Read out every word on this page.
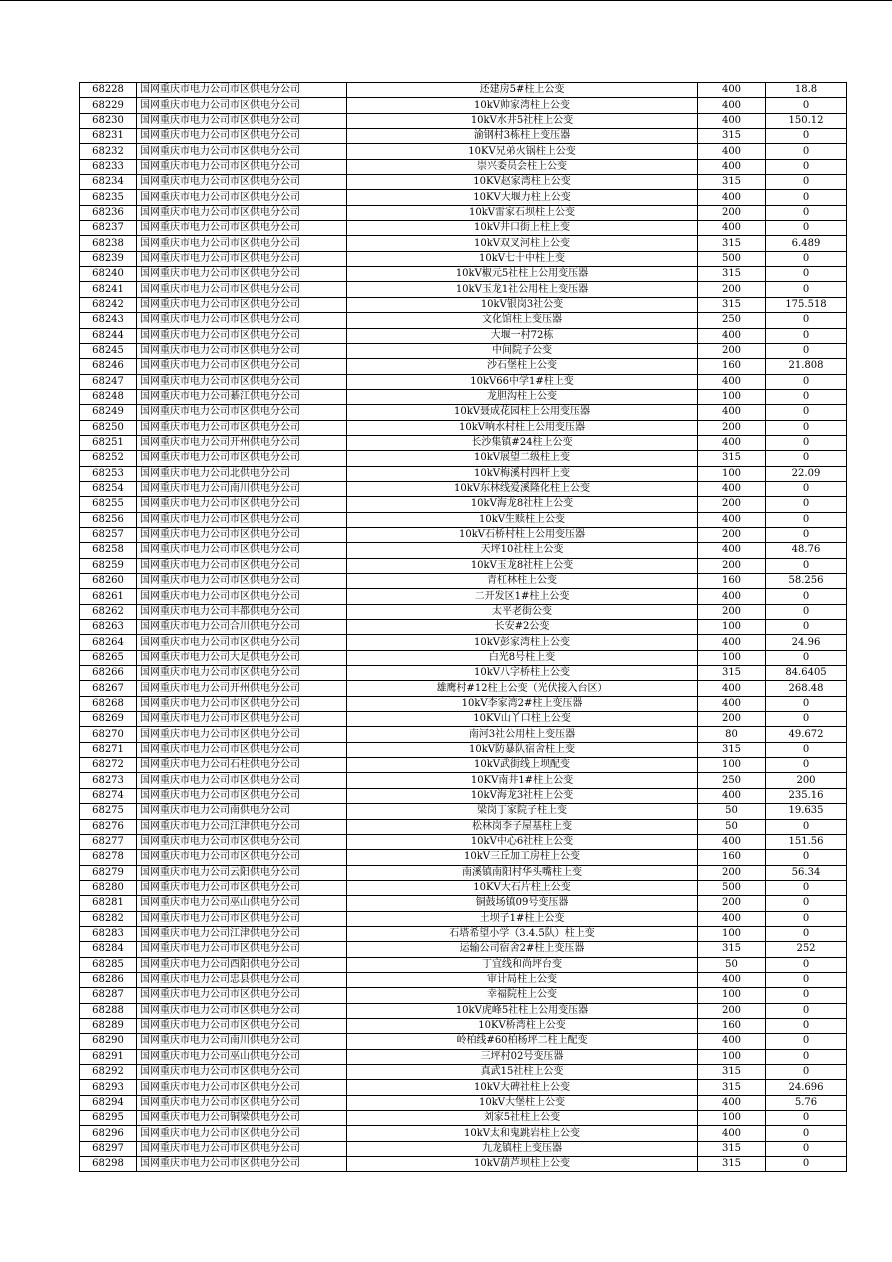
68228	国网重庆市电力公司市区供电分公司	还建房5#柱上公变	400	18.8
68229	国网重庆市电力公司市区供电分公司	10kV帅家湾柱上公变	400	0
68230	国网重庆市电力公司市区供电分公司	10kV水井5社柱上公变	400	150.12
68231	国网重庆市电力公司市区供电分公司	渝钢村3栋柱上变压器	315	0
68232	国网重庆市电力公司市区供电分公司	10KV兄弟火锅柱上公变	400	0
68233	国网重庆市电力公司市区供电分公司	崇兴委员会柱上公变	400	0
68234	国网重庆市电力公司市区供电分公司	10KV赵家湾柱上公变	315	0
68235	国网重庆市电力公司市区供电分公司	10KV大堰力柱上公变	400	0
68236	国网重庆市电力公司市区供电分公司	10kV雷家石坝柱上公变	200	0
68237	国网重庆市电力公司市区供电分公司	10kV井口街上柱上变	400	0
68238	国网重庆市电力公司市区供电分公司	10kV双叉河柱上公变	315	6.489
68239	国网重庆市电力公司市区供电分公司	10kV七十中柱上变	500	0
68240	国网重庆市电力公司市区供电分公司	10kV椒元5社柱上公用变压器	315	0
68241	国网重庆市电力公司市区供电分公司	10kV玉龙1社公用柱上变压器	200	0
68242	国网重庆市电力公司市区供电分公司	10kV银岗3社公变	315	175.518
68243	国网重庆市电力公司市区供电分公司	文化馆柱上变压器	250	0
68244	国网重庆市电力公司市区供电分公司	大堰一村72栋	400	0
68245	国网重庆市电力公司市区供电分公司	中间院子公变	200	0
68246	国网重庆市电力公司市区供电分公司	沙石堡柱上公变	160	21.808
68247	国网重庆市电力公司市区供电分公司	10kV66中学1#柱上变	400	0
68248	国网重庆市电力公司綦江供电分公司	龙胆沟柱上公变	100	0
68249	国网重庆市电力公司市区供电分公司	10kV聂成花园柱上公用变压器	400	0
68250	国网重庆市电力公司市区供电分公司	10kV响水村柱上公用变压器	200	0
68251	国网重庆市电力公司开州供电分公司	长沙集镇#24柱上公变	400	0
68252	国网重庆市电力公司市区供电分公司	10kV展望二级柱上变	315	0
68253	国网重庆市电力公司北供电分公司	10kV梅溪村四杆上变	100	22.09
68254	国网重庆市电力公司南川供电分公司	10kV东林线爱溪隆化柱上公变	400	0
68255	国网重庆市电力公司市区供电分公司	10kV海龙8社柱上公变	200	0
68256	国网重庆市电力公司市区供电分公司	10kV生赎柱上公变	400	0
68257	国网重庆市电力公司市区供电分公司	10kV石桥村柱上公用变压器	200	0
68258	国网重庆市电力公司市区供电分公司	天坪10社柱上公变	400	48.76
68259	国网重庆市电力公司市区供电分公司	10kV玉龙8社柱上公变	200	0
68260	国网重庆市电力公司市区供电分公司	青杠林柱上公变	160	58.256
68261	国网重庆市电力公司市区供电分公司	二开发区1#柱上公变	400	0
68262	国网重庆市电力公司丰都供电分公司	太平老街公变	200	0
68263	国网重庆市电力公司合川供电分公司	长安#2公变	100	0
68264	国网重庆市电力公司市区供电分公司	10kV彭家湾柱上公变	400	24.96
68265	国网重庆市电力公司大足供电分公司	白光8号柱上变	100	0
68266	国网重庆市电力公司市区供电分公司	10kV八字桥柱上公变	315	84.6405
68267	国网重庆市电力公司开州供电分公司	雄鹰村#12柱上公变（光伏接入台区）	400	268.48
68268	国网重庆市电力公司市区供电分公司	10kV李家湾2#柱上变压器	400	0
68269	国网重庆市电力公司市区供电分公司	10KV山丫口柱上公变	200	0
68270	国网重庆市电力公司市区供电分公司	南河3社公用柱上变压器	80	49.672
68271	国网重庆市电力公司市区供电分公司	10kV防暴队宿舍柱上变	315	0
68272	国网重庆市电力公司石柱供电分公司	10kV武街线上坝配变	100	0
68273	国网重庆市电力公司市区供电分公司	10KV南井1#柱上公变	250	200
68274	国网重庆市电力公司市区供电分公司	10kV海龙3社柱上公变	400	235.16
68275	国网重庆市电力公司南供电分公司	梁岗丁家院子柱上变	50	19.635
68276	国网重庆市电力公司江津供电分公司	松林岗李子屋基柱上变	50	0
68277	国网重庆市电力公司市区供电分公司	10kV中心6社柱上公变	400	151.56
68278	国网重庆市电力公司市区供电分公司	10kV三丘加工房柱上公变	160	0
68279	国网重庆市电力公司云阳供电分公司	南溪镇南阳村华头嘴柱上变	200	56.34
68280	国网重庆市电力公司市区供电分公司	10KV大石片柱上公变	500	0
68281	国网重庆市电力公司巫山供电分公司	铜鼓场镇09号变压器	200	0
68282	国网重庆市电力公司市区供电分公司	土坝子1#柱上公变	400	0
68283	国网重庆市电力公司江津供电分公司	石塔希望小学（3.4.5队）柱上变	100	0
68284	国网重庆市电力公司市区供电分公司	运输公司宿舍2#柱上变压器	315	252
68285	国网重庆市电力公司酉阳供电分公司	丁宜线和尚坪台变	50	0
68286	国网重庆市电力公司忠县供电分公司	审计局柱上公变	400	0
68287	国网重庆市电力公司市区供电分公司	幸福院柱上公变	100	0
68288	国网重庆市电力公司市区供电分公司	10kV虎峰5社柱上公用变压器	200	0
68289	国网重庆市电力公司市区供电分公司	10KV桥湾柱上公变	160	0
68290	国网重庆市电力公司南川供电分公司	岭柏线#60柏杨坪二柱上配变	400	0
68291	国网重庆市电力公司巫山供电分公司	三坪村02号变压器	100	0
68292	国网重庆市电力公司市区供电分公司	真武15社柱上公变	315	0
68293	国网重庆市电力公司市区供电分公司	10kV大碑社柱上公变	315	24.696
68294	国网重庆市电力公司市区供电分公司	10kV大堡柱上公变	400	5.76
68295	国网重庆市电力公司铜梁供电分公司	刘家5社柱上公变	100	0
68296	国网重庆市电力公司市区供电分公司	10kV太和鬼跳岩柱上公变	400	0
68297	国网重庆市电力公司市区供电分公司	九龙镇柱上变压器	315	0
68298	国网重庆市电力公司市区供电分公司	10kV葫芦坝柱上公变	315	0
